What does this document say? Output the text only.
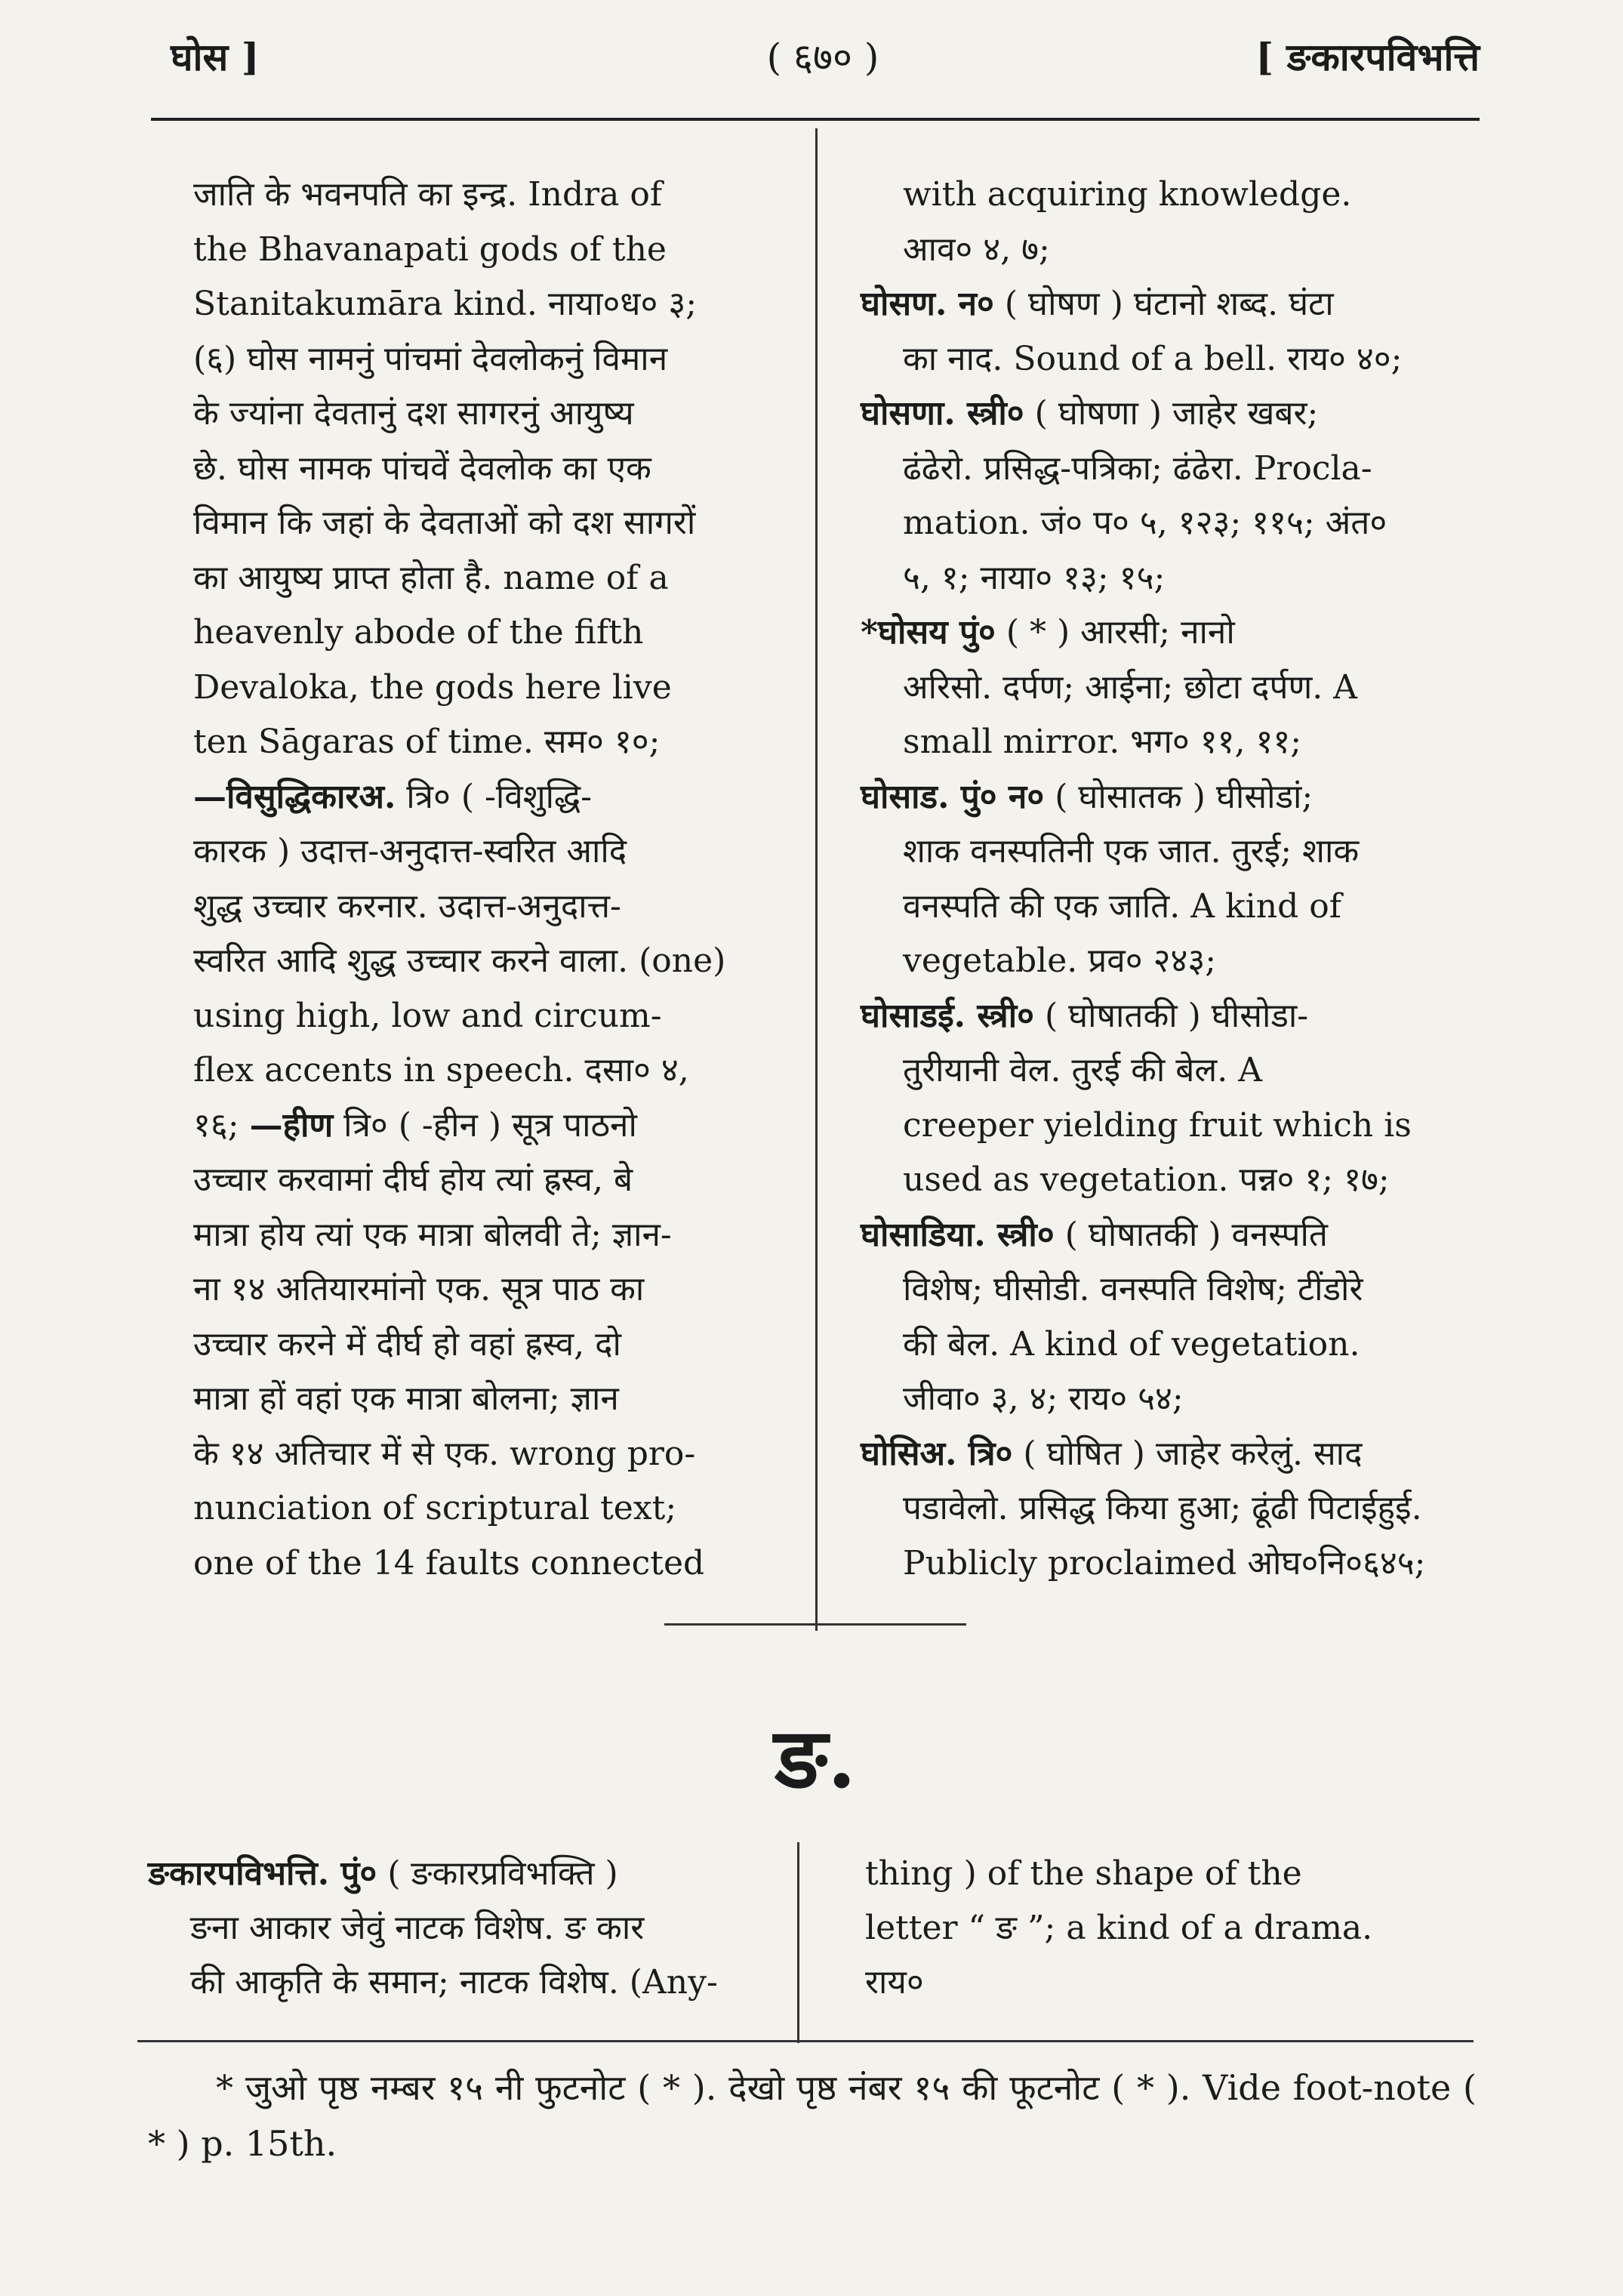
घोस ]	( ६७० )	[ ङकारपविभत्ति
जाति के भवनपति का इन्द्र. Indra of
the Bhavanapati gods of the
Stanitakumāra kind. नाया०ध० ३;
(६) घोस नामनुं पांचमां देवलोकनुं विमान
के ज्यांना देवतानुं दश सागरनुं आयुष्य
छे. घोस नामक पांचवें देवलोक का एक
विमान कि जहां के देवताओं को दश सागरों
का आयुष्य प्राप्त होता है. name of a
heavenly abode of the fifth
Devaloka, the gods here live
ten Sāgaras of time. सम० १०;
—विसुद्धिकारअ. त्रि० ( -विशुद्धि-
कारक ) उदात्त-अनुदात्त-स्वरित आदि
शुद्ध उच्चार करनार. उदात्त-अनुदात्त-
स्वरित आदि शुद्ध उच्चार करने वाला. (one)
using high, low and circum-
flex accents in speech. दसा० ४,
१६; —हीण त्रि० ( -हीन ) सूत्र पाठनो
उच्चार करवामां दीर्घ होय त्यां ह्रस्व, बे
मात्रा होय त्यां एक मात्रा बोलवी ते; ज्ञान-
ना १४ अतियारमांनो एक. सूत्र पाठ का
उच्चार करने में दीर्घ हो वहां ह्रस्व, दो
मात्रा हों वहां एक मात्रा बोलना; ज्ञान
के १४ अतिचार में से एक. wrong pro-
nunciation of scriptural text;
one of the 14 faults connected
with acquiring knowledge.
आव० ४, ७;
घोसण. न० ( घोषण ) घंटानो शब्द. घंटा
का नाद. Sound of a bell. राय० ४०;
घोसणा. स्त्री० ( घोषणा ) जाहेर खबर;
ढंढेरो. प्रसिद्ध-पत्रिका; ढंढेरा. Procla-
mation. जं० प० ५, १२३; ११५; अंत०
५, १; नाया० १३; १५;
*घोसय पुं० ( * ) आरसी; नानो
अरिसो. दर्पण; आईना; छोटा दर्पण. A
small mirror. भग० ११, ११;
घोसाड. पुं० न० ( घोसातक ) घीसोडां;
शाक वनस्पतिनी एक जात. तुरई; शाक
वनस्पति की एक जाति. A kind of
vegetable. प्रव० २४३;
घोसाडई. स्त्री० ( घोषातकी ) घीसोडा-
तुरीयानी वेल. तुरई की बेल. A
creeper yielding fruit which is
used as vegetation. पन्न० १; १७;
घोसाडिया. स्त्री० ( घोषातकी ) वनस्पति
विशेष; घीसोडी. वनस्पति विशेष; टींडोरे
की बेल. A kind of vegetation.
जीवा० ३, ४; राय० ५४;
घोसिअ. त्रि० ( घोषित ) जाहेर करेलुं. साद
पडावेलो. प्रसिद्ध किया हुआ; ढूंढी पिटाईहुई.
Publicly proclaimed ओघ०नि०६४५;
ङ.
ङकारपविभत्ति. पुं० ( ङकारप्रविभक्ति )
ङना आकार जेवुं नाटक विशेष. ङ कार
की आकृति के समान; नाटक विशेष. (Any-
thing ) of the shape of the
letter “ ङ ”; a kind of a drama.
राय०
* जुओ पृष्ठ नम्बर १५ नी फुटनोट ( * ). देखो पृष्ठ नंबर १५ की फूटनोट ( * ). Vide foot-note ( * ) p. 15th.
